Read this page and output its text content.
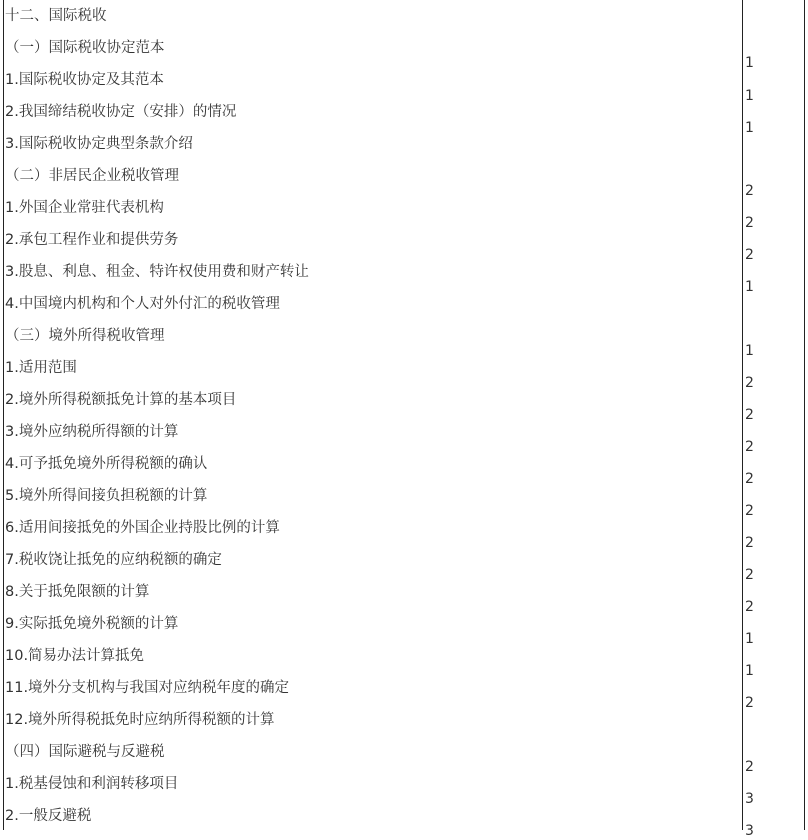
十二、国际税收
（一）国际税收协定范本
1.国际税收协定及其范本
2.我国缔结税收协定（安排）的情况
3.国际税收协定典型条款介绍
（二）非居民企业税收管理
1.外国企业常驻代表机构
2.承包工程作业和提供劳务
3.股息、利息、租金、特许权使用费和财产转让
4.中国境内机构和个人对外付汇的税收管理
（三）境外所得税收管理
1.适用范围
2.境外所得税额抵免计算的基本项目
3.境外应纳税所得额的计算
4.可予抵免境外所得税额的确认
5.境外所得间接负担税额的计算
6.适用间接抵免的外国企业持股比例的计算
7.税收饶让抵免的应纳税额的确定
8.关于抵免限额的计算
9.实际抵免境外税额的计算
10.简易办法计算抵免
11.境外分支机构与我国对应纳税年度的确定
12.境外所得税抵免时应纳所得税额的计算
（四）国际避税与反避税
1.税基侵蚀和利润转移项目
2.一般反避税
1
1
1
2
2
2
1
1
2
2
2
2
2
2
2
2
1
1
2
2
3
3
